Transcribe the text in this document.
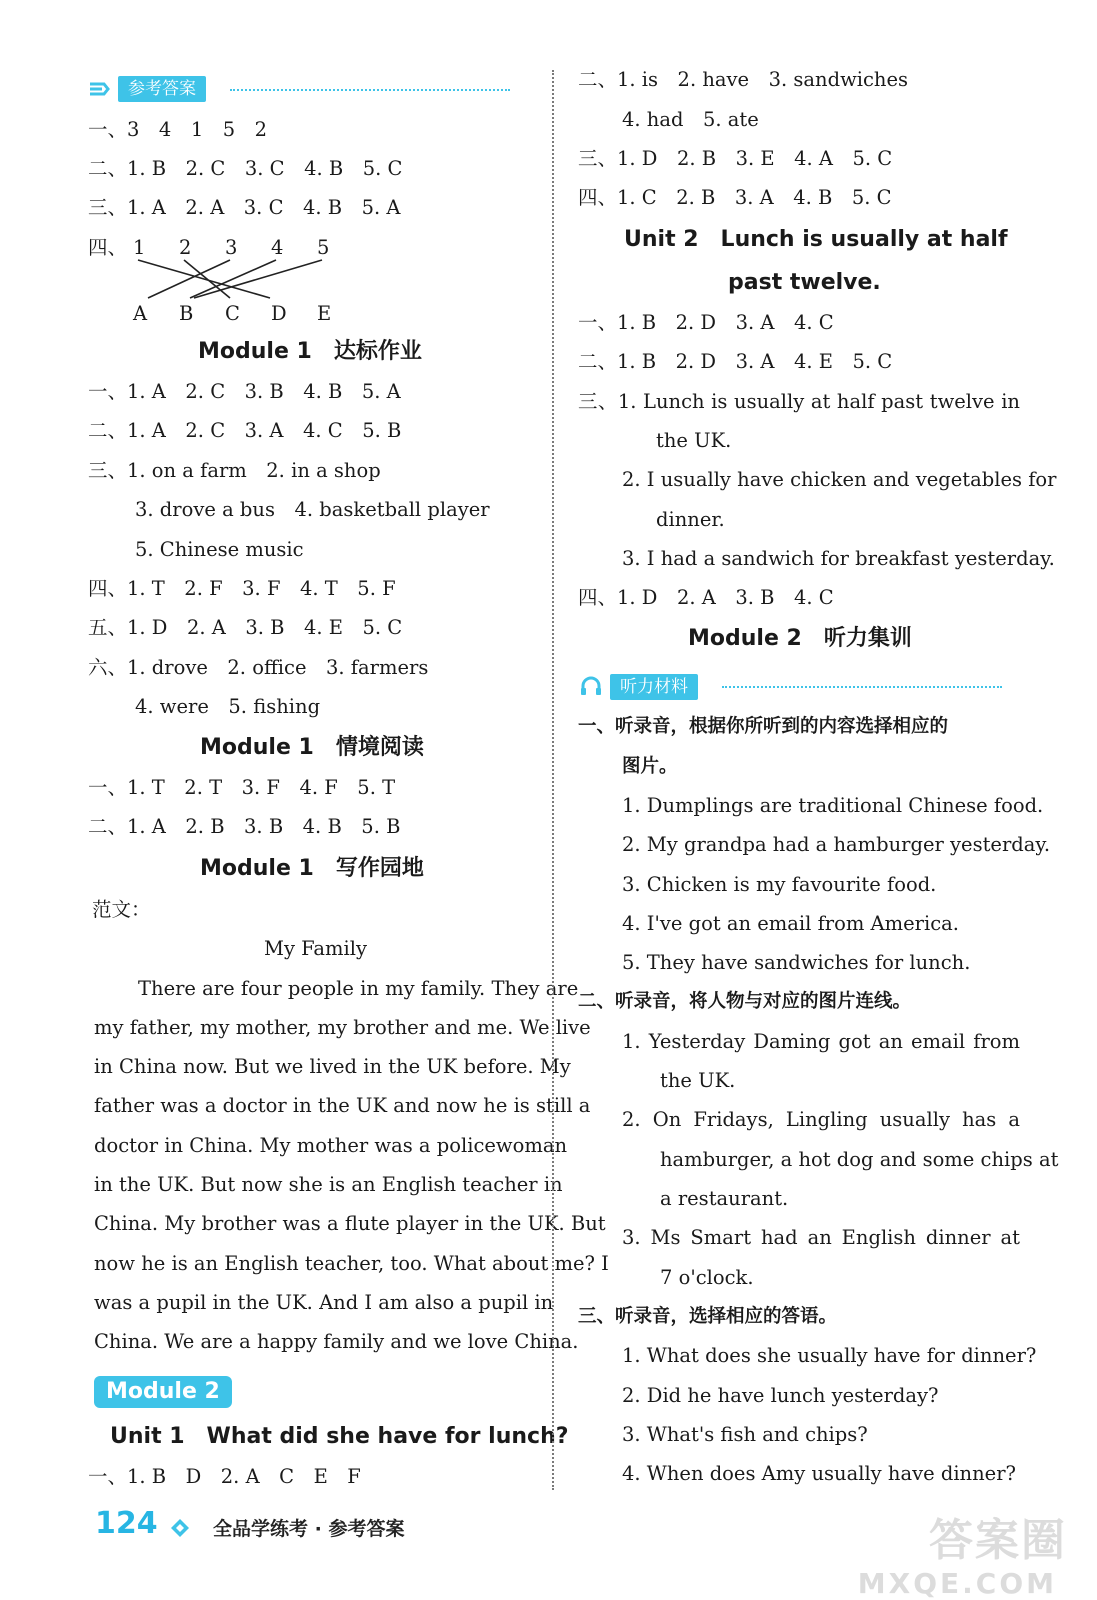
参考答案
一、3　4　1　5　2
二、1. B　2. C　3. C　4. B　5. C
三、1. A　2. A　3. C　4. B　5. A
四、 1 2 3 4 5
A B C D E
Module 1　达标作业
一、1. A　2. C　3. B　4. B　5. A
二、1. A　2. C　3. A　4. C　5. B
三、1. on a farm　2. in a shop
3. drove a bus　4. basketball player
5. Chinese music
四、1. T　2. F　3. F　4. T　5. F
五、1. D　2. A　3. B　4. E　5. C
六、1. drove　2. office　3. farmers
4. were　5. fishing
Module 1　情境阅读
一、1. T　2. T　3. F　4. F　5. T
二、1. A　2. B　3. B　4. B　5. B
Module 1　写作园地
范文：
My Family
There are four people in my family. They are
my father, my mother, my brother and me. We live
in China now. But we lived in the UK before. My
father was a doctor in the UK and now he is still a
doctor in China. My mother was a policewoman
in the UK. But now she is an English teacher in
China. My brother was a flute player in the UK. But
now he is an English teacher, too. What about me? I
was a pupil in the UK. And I am also a pupil in
China. We are a happy family and we love China.
Module 2
Unit 1　What did she have for lunch?
一、1. B　D　2. A　C　E　F
二、1. is　2. have　3. sandwiches
4. had　5. ate
三、1. D　2. B　3. E　4. A　5. C
四、1. C　2. B　3. A　4. B　5. C
Unit 2　Lunch is usually at half
past twelve.
一、1. B　2. D　3. A　4. C
二、1. B　2. D　3. A　4. E　5. C
三、1. Lunch is usually at half past twelve in
the UK.
2. I usually have chicken and vegetables for
dinner.
3. I had a sandwich for breakfast yesterday.
四、1. D　2. A　3. B　4. C
Module 2　听力集训
听力材料
一、听录音，根据你所听到的内容选择相应的
图片。
1. Dumplings are traditional Chinese food.
2. My grandpa had a hamburger yesterday.
3. Chicken is my favourite food.
4. I've got an email from America.
5. They have sandwiches for lunch.
二、听录音，将人物与对应的图片连线。
1. Yesterday Daming got an email from
the UK.
2. On Fridays, Lingling usually has a
hamburger, a hot dog and some chips at
a restaurant.
3. Ms Smart had an English dinner at
7 o'clock.
三、听录音，选择相应的答语。
1. What does she usually have for dinner?
2. Did he have lunch yesterday?
3. What's fish and chips?
4. When does Amy usually have dinner?
124	全品学练考 · 参考答案	答案圈
MXQE.COM
